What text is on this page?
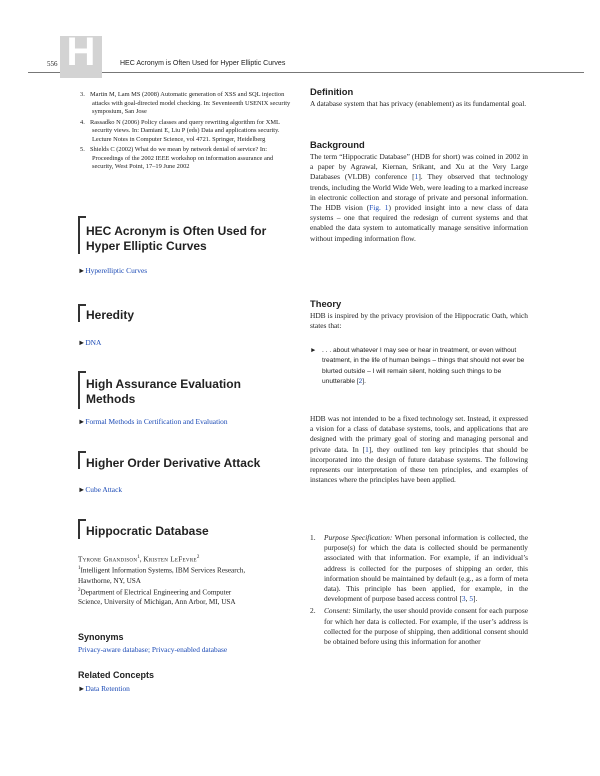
556 H	HEC Acronym is Often Used for Hyper Elliptic Curves
3. Martin M, Lam MS (2008) Automatic generation of XSS and SQL injection attacks with goal-directed model checking. In: Seventeenth USENIX security symposium, San Jose
4. Rassadko N (2006) Policy classes and query rewriting algorithm for XML security views. In: Damiani E, Liu P (eds) Data and applications security. Lecture Notes in Computer Science, vol 4721. Springer, Heidelberg
5. Shields C (2002) What do we mean by network denial of service? In: Proceedings of the 2002 IEEE workshop on information assurance and security, West Point, 17–19 June 2002
HEC Acronym is Often Used for
Hyper Elliptic Curves
►Hyperelliptic Curves
Heredity
►DNA
High Assurance Evaluation
Methods
►Formal Methods in Certification and Evaluation
Higher Order Derivative Attack
►Cube Attack
Hippocratic Database
Tyrone Grandison$^1$, Kristen LeFevre$^2$
$^1$Intelligent Information Systems, IBM Services Research,
Hawthorne, NY, USA
$^2$Department of Electrical Engineering and Computer
Science, University of Michigan, Ann Arbor, MI, USA
Synonyms
Privacy-aware database; Privacy-enabled database
Related Concepts
►Data Retention
Definition
A database system that has privacy (enablement) as its fundamental goal.
Background
The term “Hippocratic Database” (HDB for short) was coined in 2002 in a paper by Agrawal, Kiernan, Srikant, and Xu at the Very Large Databases (VLDB) conference [1]. They observed that technology trends, including the World Wide Web, were leading to a marked increase in electronic collection and storage of private and personal information. The HDB vision (Fig. 1) provided insight into a new class of data systems – one that required the redesign of current systems and that enabled the data system to automatically manage sensitive information without impeding information flow.
Theory
HDB is inspired by the privacy provision of the Hippocratic Oath, which states that:
► . . . about whatever I may see or hear in treatment, or even without treatment, in the life of human beings – things that should not ever be blurted outside – I will remain silent, holding such things to be unutterable [2].
HDB was not intended to be a fixed technology set. Instead, it expressed a vision for a class of database systems, tools, and applications that are designed with the primary goal of storing and managing personal and private data. In [1], they outlined ten key principles that should be incorporated into the design of future database systems. The following represents our interpretation of these ten principles, and examples of instances where the principles have been applied.
1. Purpose Specification: When personal information is collected, the purpose(s) for which the data is collected should be permanently associated with that information. For example, if an individual’s address is collected for the purposes of shipping an order, this information should be maintained by default (e.g., as a form of meta data). This principle has been applied, for example, in the development of purpose based access control [3, 5].
2. Consent: Similarly, the user should provide consent for each purpose for which her data is collected. For example, if the user’s address is collected for the purpose of shipping, then additional consent should be obtained before using this information for another
